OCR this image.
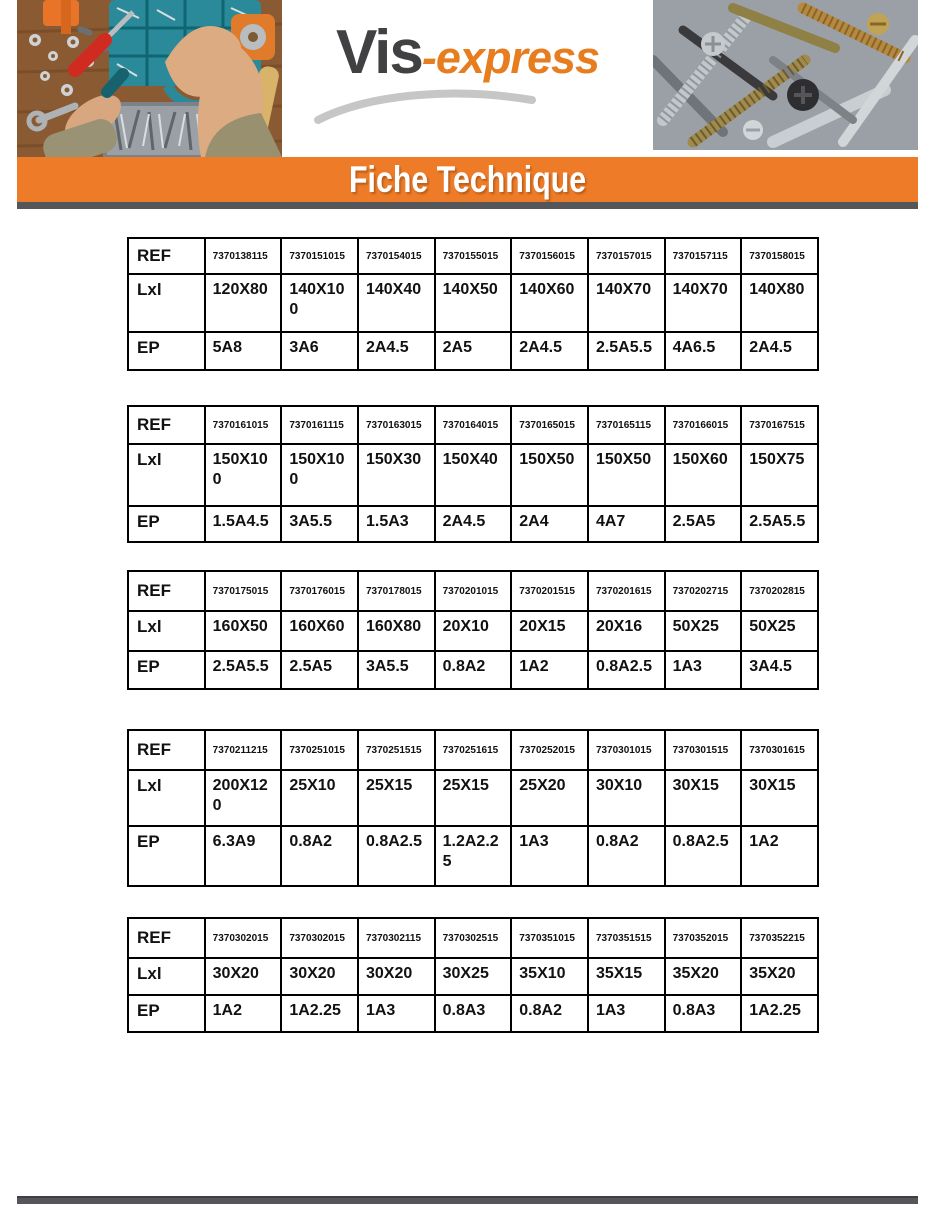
Vis-express
Fiche Technique
REF	7370138115	7370151015	7370154015	7370155015	7370156015	7370157015	7370157115	7370158015
Lxl	120X80	140X100	140X40	140X50	140X60	140X70	140X70	140X80
EP	5A8	3A6	2A4.5	2A5	2A4.5	2.5A5.5	4A6.5	2A4.5
REF	7370161015	7370161115	7370163015	7370164015	7370165015	7370165115	7370166015	7370167515
Lxl	150X100	150X100	150X30	150X40	150X50	150X50	150X60	150X75
EP	1.5A4.5	3A5.5	1.5A3	2A4.5	2A4	4A7	2.5A5	2.5A5.5
REF	7370175015	7370176015	7370178015	7370201015	7370201515	7370201615	7370202715	7370202815
Lxl	160X50	160X60	160X80	20X10	20X15	20X16	50X25	50X25
EP	2.5A5.5	2.5A5	3A5.5	0.8A2	1A2	0.8A2.5	1A3	3A4.5
REF	7370211215	7370251015	7370251515	7370251615	7370252015	7370301015	7370301515	7370301615
Lxl	200X120	25X10	25X15	25X15	25X20	30X10	30X15	30X15
EP	6.3A9	0.8A2	0.8A2.5	1.2A2.25	1A3	0.8A2	0.8A2.5	1A2
REF	7370302015	7370302015	7370302115	7370302515	7370351015	7370351515	7370352015	7370352215
Lxl	30X20	30X20	30X20	30X25	35X10	35X15	35X20	35X20
EP	1A2	1A2.25	1A3	0.8A3	0.8A2	1A3	0.8A3	1A2.25
